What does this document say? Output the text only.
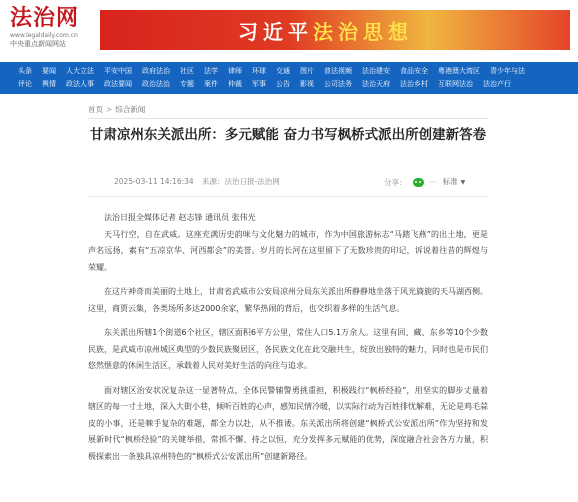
法治网
www.legaldaily.com.cn
中央重点新闻网站	习近平法治思想
头条 要闻 人大立法 平安中国 政府法治 社区 法学 律师 环球 交通 图片 普法视频 法治建安 食品安全 粤港澳大湾区 青少年与法
评论 舆情 政法人事 政法要闻 政治法治 专题 案件 仲裁 军事 公告 影视 公司法务 法治天府 法治乡村 互联网法治 法治产行
首页 > 综合新闻
甘肃凉州东关派出所：多元赋能 奋力书写枫桥式派出所创建新答卷
2025-03-11 14:16:34 来源：法治日报-法治网	分享：	··· 标准 ▼
法治日报全媒体记者 赵志锋 通讯员 张伟光
天马行空，自在武威。这座充满历史韵味与文化魅力的城市，作为中国旅游标志“马踏飞燕”的出土地，更是声名远扬，素有“五凉京华、河西都会”的美誉。岁月的长河在这里留下了无数珍贵的印记，诉说着往昔的辉煌与荣耀。
在这片神奇而美丽的土地上，甘肃省武威市公安局凉州分局东关派出所静静地坐落于风光旖旎的天马湖西侧。这里，商贾云集，各类场所多达2000余家，繁华热闹的背后，也交织着多样的生活气息。
东关派出所辖1个街道6个社区，辖区面积6平方公里，常住人口5.1万余人。这里有回、藏、东乡等10个少数民族，是武威市凉州城区典型的少数民族聚居区，各民族文化在此交融共生，绽放出独特的魅力，同时也是市民们悠然惬意的休闲生活区，承载着人民对美好生活的向往与追求。
面对辖区治安状况复杂这一显著特点，全体民警辅警勇挑重担，积极践行“枫桥经验”，用坚实的脚步丈量着辖区的每一寸土地，深入大街小巷，倾听百姓的心声，感知民情冷暖，以实际行动为百姓排忧解难，无论是鸡毛蒜皮的小事，还是棘手复杂的难题，都全力以赴，从不推诿。东关派出所将创建“枫桥式公安派出所”作为坚持和发展新时代“枫桥经验”的关键举措，常抓不懈、持之以恒，充分发挥多元赋能的优势，深度融合社会各方力量，积极探索出一条独具凉州特色的“枫桥式公安派出所”创建新路径。
